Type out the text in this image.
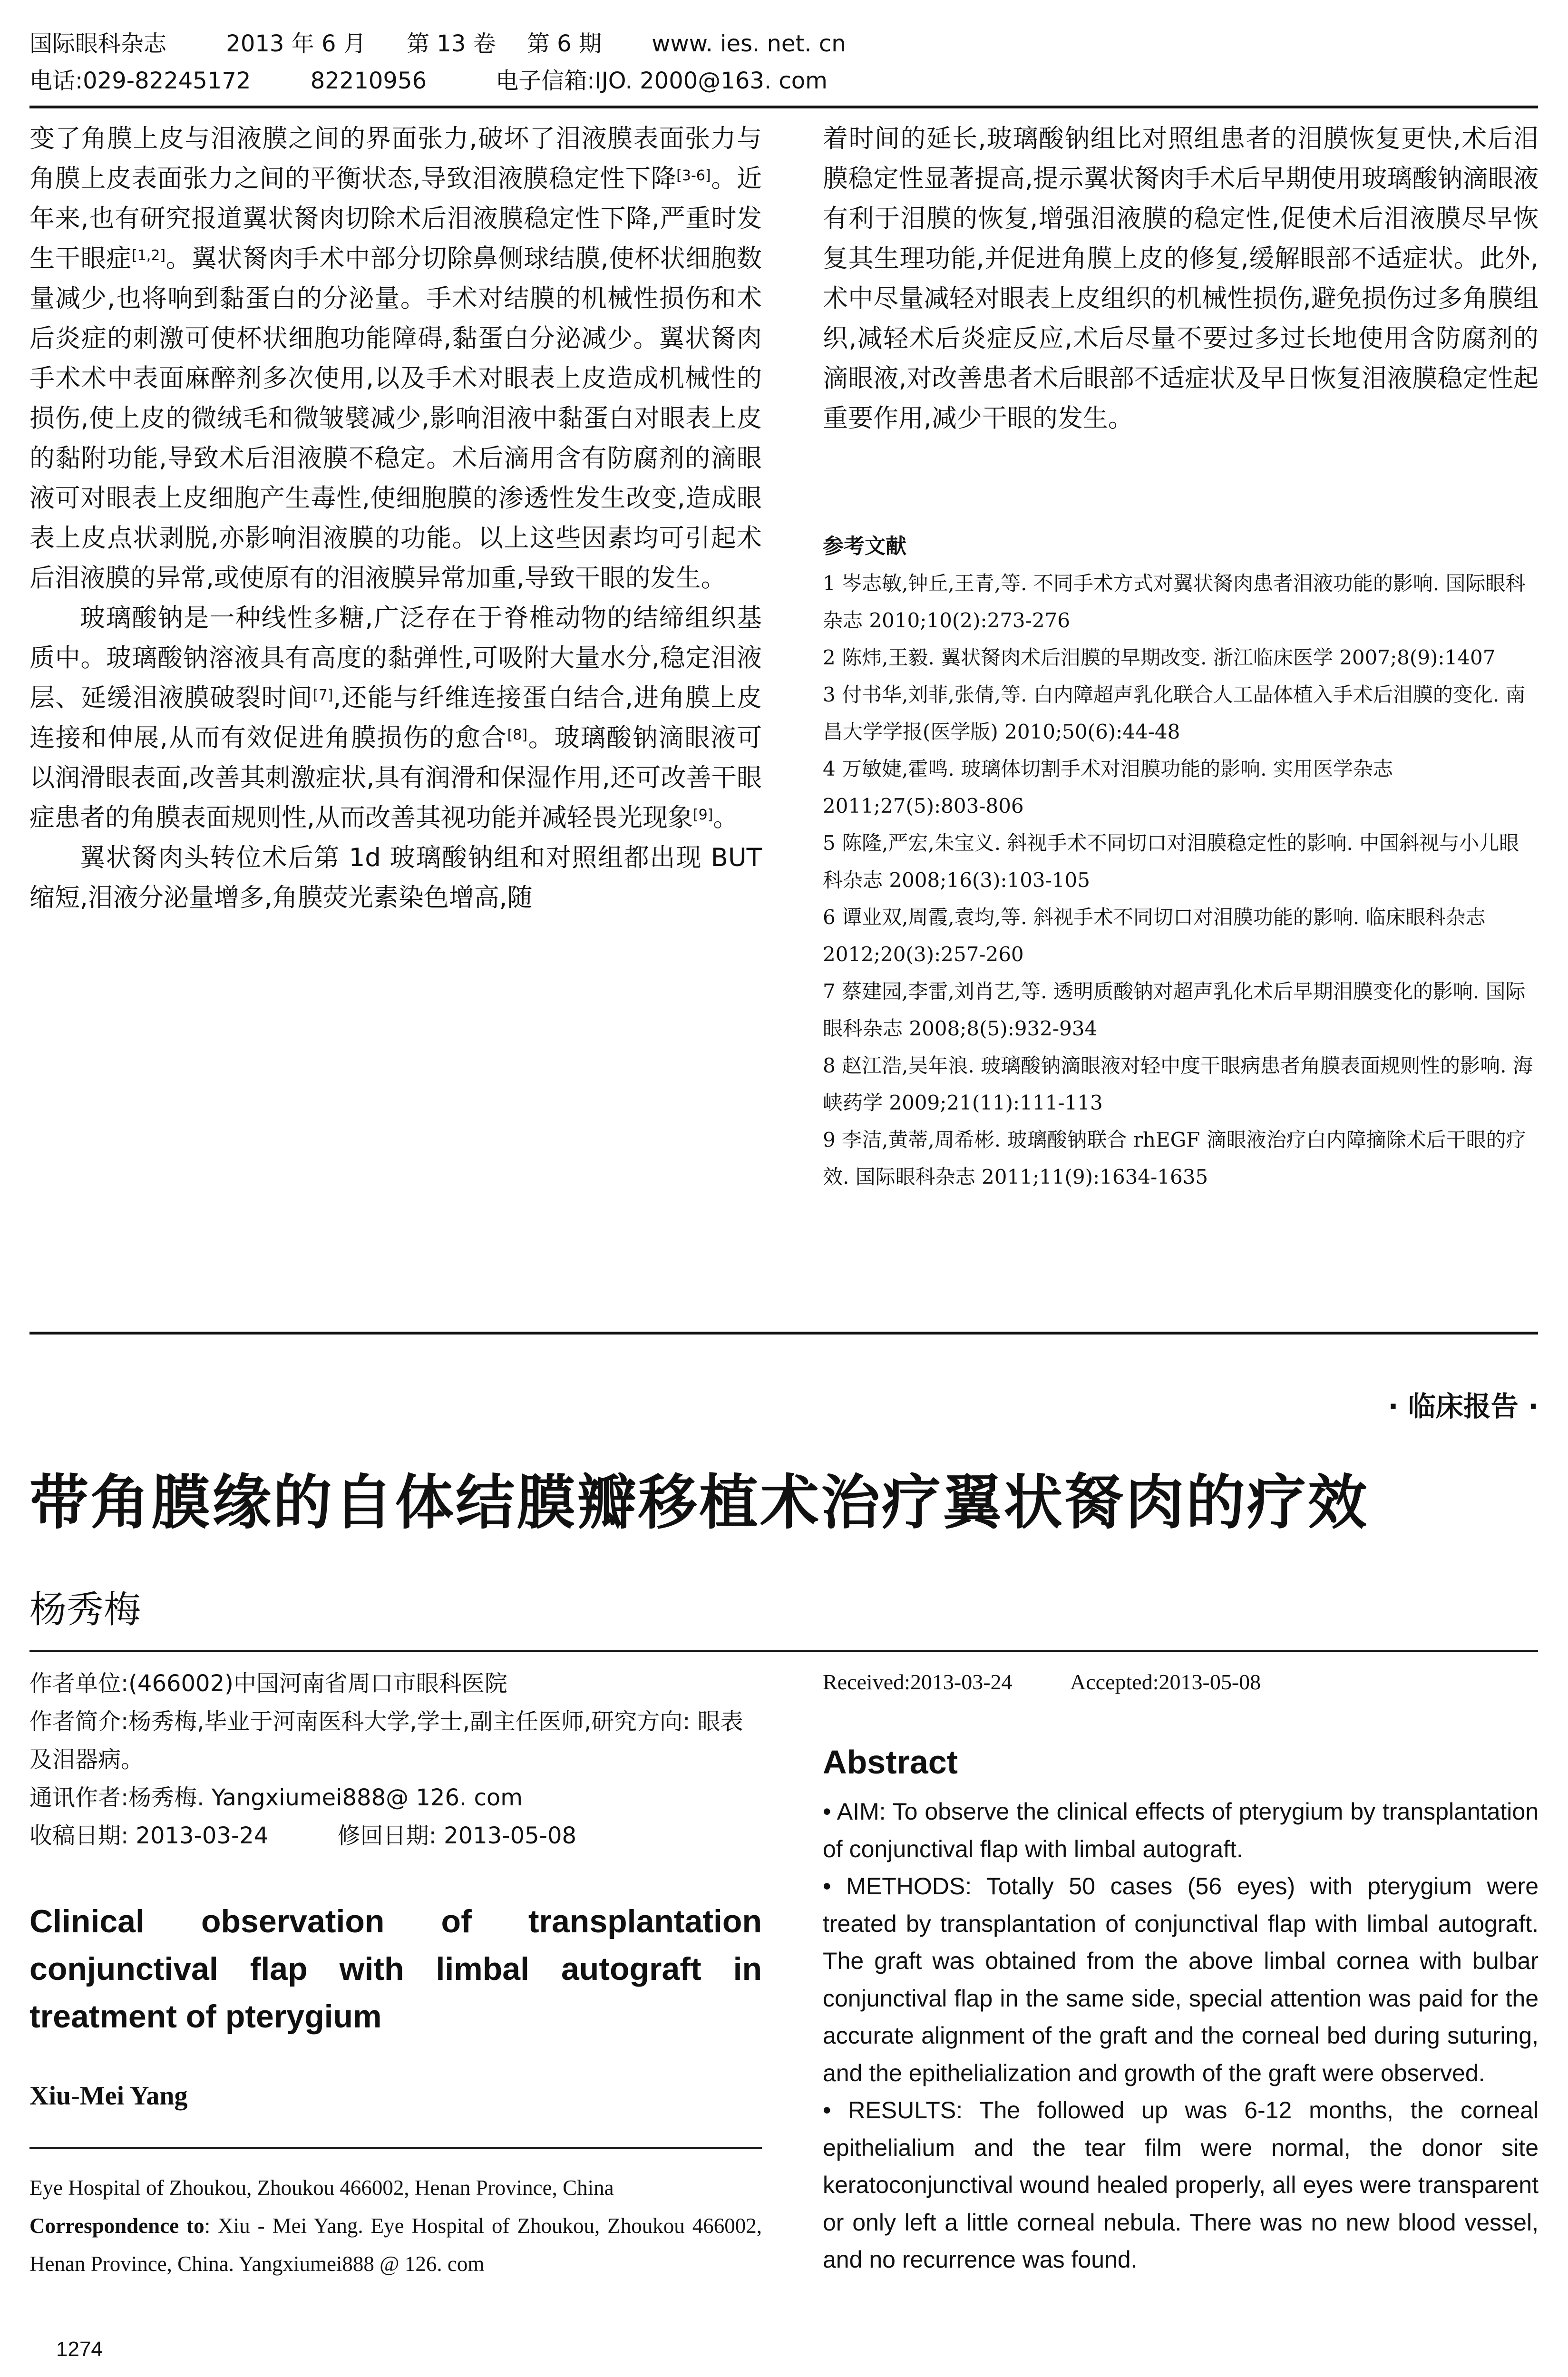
国际眼科杂志	2013 年 6 月 第 13 卷 第 6 期 www. ies. net. cn
电话:029-82245172	82210956	电子信箱:IJO. 2000@163. com

变了角膜上皮与泪液膜之间的界面张力,破坏了泪液膜表面张力与角膜上皮表面张力之间的平衡状态,导致泪液膜稳定性下降[3-6]。近年来,也有研究报道翼状胬肉切除术后泪液膜稳定性下降,严重时发生干眼症[1,2]。翼状胬肉手术中部分切除鼻侧球结膜,使杯状细胞数量减少,也将响到黏蛋白的分泌量。手术对结膜的机械性损伤和术后炎症的刺激可使杯状细胞功能障碍,黏蛋白分泌减少。翼状胬肉手术术中表面麻醉剂多次使用,以及手术对眼表上皮造成机械性的损伤,使上皮的微绒毛和微皱襞减少,影响泪液中黏蛋白对眼表上皮的黏附功能,导致术后泪液膜不稳定。术后滴用含有防腐剂的滴眼液可对眼表上皮细胞产生毒性,使细胞膜的渗透性发生改变,造成眼表上皮点状剥脱,亦影响泪液膜的功能。以上这些因素均可引起术后泪液膜的异常,或使原有的泪液膜异常加重,导致干眼的发生。

玻璃酸钠是一种线性多糖,广泛存在于脊椎动物的结缔组织基质中。玻璃酸钠溶液具有高度的黏弹性,可吸附大量水分,稳定泪液层、延缓泪液膜破裂时间[7],还能与纤维连接蛋白结合,进角膜上皮连接和伸展,从而有效促进角膜损伤的愈合[8]。玻璃酸钠滴眼液可以润滑眼表面,改善其刺激症状,具有润滑和保湿作用,还可改善干眼症患者的角膜表面规则性,从而改善其视功能并减轻畏光现象[9]。

翼状胬肉头转位术后第 1d 玻璃酸钠组和对照组都出现 BUT 缩短,泪液分泌量增多,角膜荧光素染色增高,随

着时间的延长,玻璃酸钠组比对照组患者的泪膜恢复更快,术后泪膜稳定性显著提高,提示翼状胬肉手术后早期使用玻璃酸钠滴眼液有利于泪膜的恢复,增强泪液膜的稳定性,促使术后泪液膜尽早恢复其生理功能,并促进角膜上皮的修复,缓解眼部不适症状。此外,术中尽量减轻对眼表上皮组织的机械性损伤,避免损伤过多角膜组织,减轻术后炎症反应,术后尽量不要过多过长地使用含防腐剂的滴眼液,对改善患者术后眼部不适症状及早日恢复泪液膜稳定性起重要作用,减少干眼的发生。

参考文献
1 岑志敏,钟丘,王青,等. 不同手术方式对翼状胬肉患者泪液功能的影响. 国际眼科杂志 2010;10(2):273-276
2 陈炜,王毅. 翼状胬肉术后泪膜的早期改变. 浙江临床医学 2007;8(9):1407
3 付书华,刘菲,张倩,等. 白内障超声乳化联合人工晶体植入手术后泪膜的变化. 南昌大学学报(医学版) 2010;50(6):44-48
4 万敏婕,霍鸣. 玻璃体切割手术对泪膜功能的影响. 实用医学杂志 2011;27(5):803-806
5 陈隆,严宏,朱宝义. 斜视手术不同切口对泪膜稳定性的影响. 中国斜视与小儿眼科杂志 2008;16(3):103-105
6 谭业双,周霞,袁均,等. 斜视手术不同切口对泪膜功能的影响. 临床眼科杂志 2012;20(3):257-260
7 蔡建园,李雷,刘肖艺,等. 透明质酸钠对超声乳化术后早期泪膜变化的影响. 国际眼科杂志 2008;8(5):932-934
8 赵江浩,吴年浪. 玻璃酸钠滴眼液对轻中度干眼病患者角膜表面规则性的影响. 海峡药学 2009;21(11):111-113
9 李洁,黄蒂,周希彬. 玻璃酸钠联合 rhEGF 滴眼液治疗白内障摘除术后干眼的疗效. 国际眼科杂志 2011;11(9):1634-1635
· 临床报告 ·
带角膜缘的自体结膜瓣移植术治疗翼状胬肉的疗效
杨秀梅
作者单位:(466002)中国河南省周口市眼科医院
作者简介:杨秀梅,毕业于河南医科大学,学士,副主任医师,研究方向: 眼表及泪器病。
通讯作者:杨秀梅. Yangxiumei888@ 126. com
收稿日期: 2013-03-24	修回日期: 2013-05-08
Clinical observation of transplantation conjunctival flap with limbal autograft in treatment of pterygium
Xiu-Mei Yang
Eye Hospital of Zhoukou, Zhoukou 466002, Henan Province, China
Correspondence to: Xiu - Mei Yang. Eye Hospital of Zhoukou, Zhoukou 466002, Henan Province, China. Yangxiumei888 @ 126. com
Received:2013-03-24	Accepted:2013-05-08
Abstract

• AIM: To observe the clinical effects of pterygium by transplantation of conjunctival flap with limbal autograft.

• METHODS: Totally 50 cases (56 eyes) with pterygium were treated by transplantation of conjunctival flap with limbal autograft. The graft was obtained from the above limbal cornea with bulbar conjunctival flap in the same side, special attention was paid for the accurate alignment of the graft and the corneal bed during suturing, and the epithelialization and growth of the graft were observed.

• RESULTS: The followed up was 6-12 months, the corneal epithelialium and the tear film were normal, the donor site keratoconjunctival wound healed properly, all eyes were transparent or only left a little corneal nebula. There was no new blood vessel, and no recurrence was found.

1274
